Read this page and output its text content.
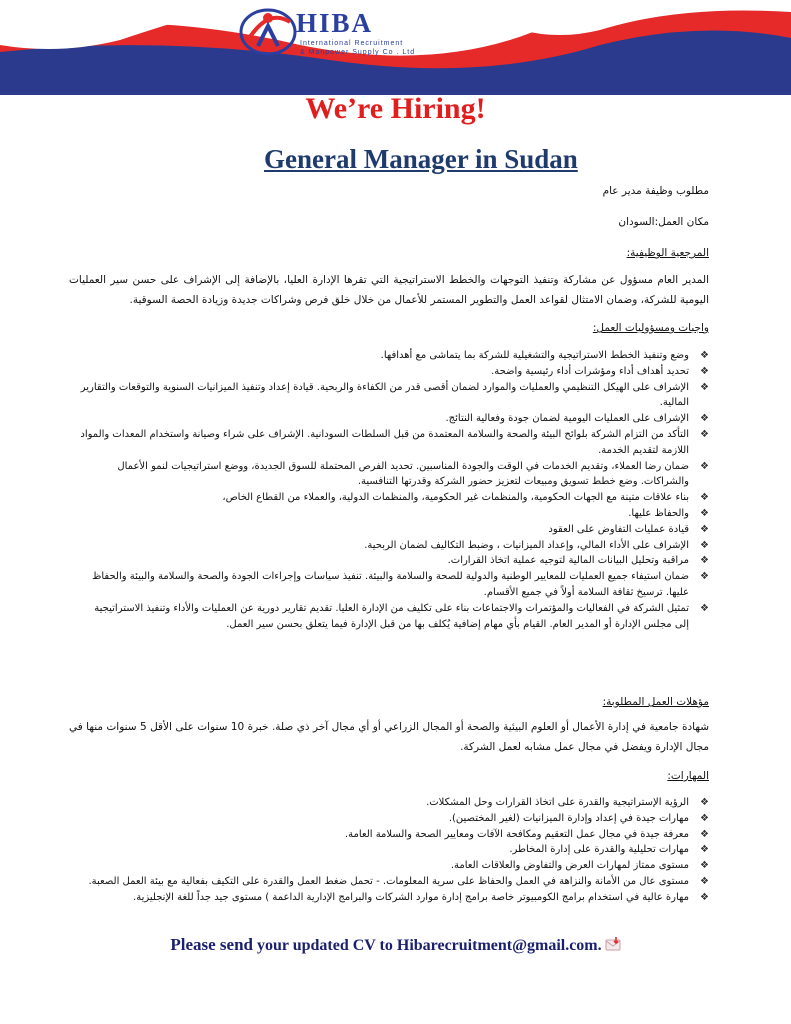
HIBA
International Recruitment
& Manpower Supply Co . Ltd
We’re Hiring!
General Manager in Sudan
مطلوب وظيفة مدير عام
مكان العمل:السودان
المرجعية الوظيفية:
المدير العام مسؤول عن مشاركة وتنفيذ التوجهات والخطط الاستراتيجية التي تقرها الإدارة العليا، بالإضافة إلى الإشراف على حسن سير العمليات اليومية للشركة، وضمان الامتثال لقواعد العمل والتطوير المستمر للأعمال من خلال خلق فرص وشراكات جديدة وزيادة الحصة السوقية.
واجبات ومسؤوليات العمل:
❖
وضع وتنفيذ الخطط الاستراتيجية والتشغيلية للشركة بما يتماشى مع أهدافها.
❖
تحديد أهداف أداء ومؤشرات أداء رئيسية واضحة.
❖
الإشراف على الهيكل التنظيمي والعمليات والموارد لضمان أقصى قدر من الكفاءة والربحية. قيادة إعداد وتنفيذ الميزانيات السنوية والتوقعات والتقارير المالية.
❖
الإشراف على العمليات اليومية لضمان جودة وفعالية النتائج.
❖
التأكد من التزام الشركة بلوائح البيئة والصحة والسلامة المعتمدة من قبل السلطات السودانية. الإشراف على شراء وصيانة واستخدام المعدات والمواد اللازمة لتقديم الخدمة.
❖
ضمان رضا العملاء، وتقديم الخدمات في الوقت والجودة المناسبين. تحديد الفرص المحتملة للسوق الجديدة، ووضع استراتيجيات لنمو الأعمال والشراكات. وضع خطط تسويق ومبيعات لتعزيز حضور الشركة وقدرتها التنافسية.
❖
بناء علاقات متينة مع الجهات الحكومية، والمنظمات غير الحكومية، والمنظمات الدولية، والعملاء من القطاع الخاص،
❖
والحفاظ عليها.
❖
قيادة عمليات التفاوض على العقود
❖
الإشراف على الأداء المالي، وإعداد الميزانيات ، وضبط التكاليف لضمان الربحية.
❖
مراقبة وتحليل البيانات المالية لتوجيه عملية اتخاذ القرارات.
❖
ضمان استيفاء جميع العمليات للمعايير الوطنية والدولية للصحة والسلامة والبيئة. تنفيذ سياسات وإجراءات الجودة والصحة والسلامة والبيئة والحفاظ عليها. ترسيخ ثقافة السلامة أولاً في جميع الأقسام.
❖
تمثيل الشركة في الفعاليات والمؤتمرات والاجتماعات بناء على تكليف من الإدارة العليا. تقديم تقارير دورية عن العمليات والأداء وتنفيذ الاستراتيجية إلى مجلس الإدارة أو المدير العام. القيام بأي مهام إضافية يُكلف بها من قبل الإدارة فيما يتعلق بحسن سير العمل.
مؤهلات العمل المطلوبة:
شهادة جامعية في إدارة الأعمال أو العلوم البيئية والصحة أو المجال الزراعي أو أي مجال آخر ذي صلة. خبرة 10 سنوات على الأقل 5 سنوات منها في مجال الإدارة ويفضل في مجال عمل مشابه لعمل الشركة.
المهارات:
❖
الرؤية الإستراتيجية والقدرة على اتخاذ القرارات وحل المشكلات.
❖
مهارات جيدة في إعداد وإدارة الميزانيات (لغير المختصين).
❖
معرفة جيدة في مجال عمل التعقيم ومكافحة الآفات ومعايير الصحة والسلامة العامة.
❖
مهارات تحليلية والقدرة على إدارة المخاطر.
❖
مستوى ممتاز لمهارات العرض والتفاوض والعلاقات العامة.
❖
مستوى عال من الأمانة والنزاهة في العمل والحفاظ على سرية المعلومات. - تحمل ضغط العمل والقدرة على التكيف بفعالية مع بيئة العمل الصعبة.
❖
مهارة عالية في استخدام برامج الكومبيوتر خاصة برامج إدارة موارد الشركات والبرامج الإدارية الداعمة ) مستوى جيد جداً للغة الإنجليزية.
Please send your updated CV to Hibarecruitment@gmail.com.
